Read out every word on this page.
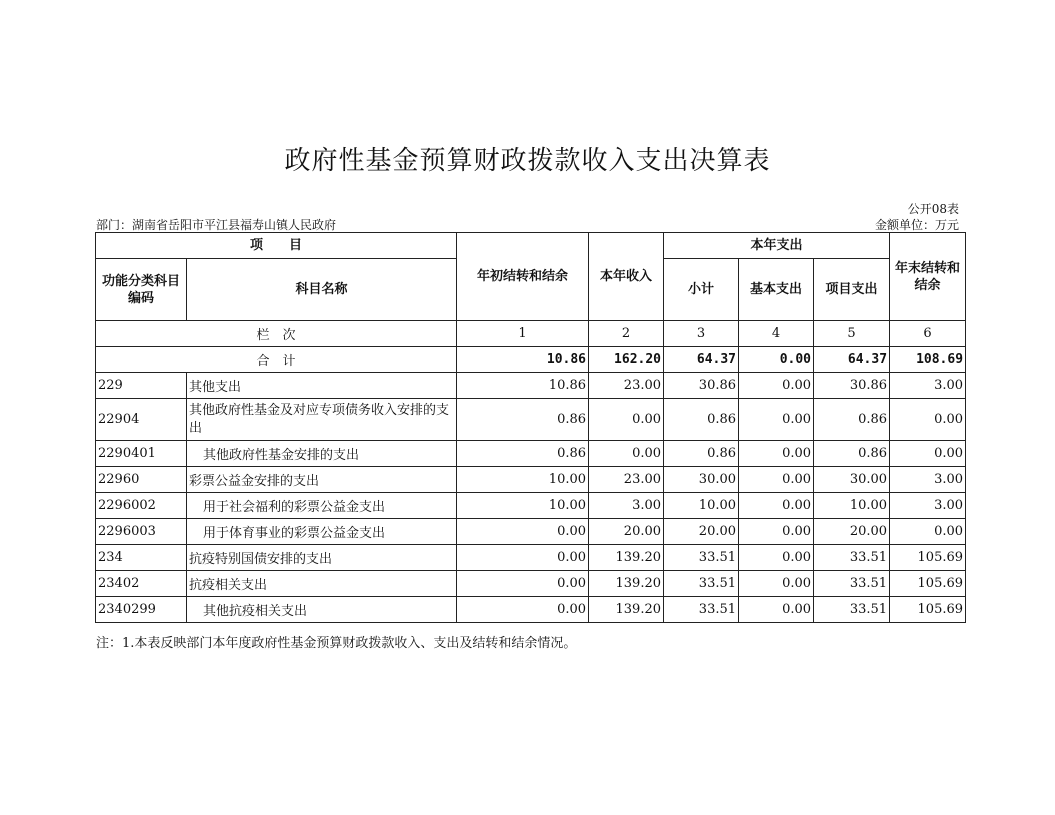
政府性基金预算财政拨款收入支出决算表
公开08表
部门：湖南省岳阳市平江县福寿山镇人民政府	金额单位：万元
项　　目		年初结转和结余	本年收入	本年支出			年末结转和结余
功能分类科目编码	科目名称			小计	基本支出	项目支出	
栏　次		1	2	3	4	5	6
合　计		10.86	162.20	64.37	0.00	64.37	108.69
229	其他支出	10.86	23.00	30.86	0.00	30.86	3.00
22904	其他政府性基金及对应专项债务收入安排的支出	0.86	0.00	0.86	0.00	0.86	0.00
2290401	其他政府性基金安排的支出	0.86	0.00	0.86	0.00	0.86	0.00
22960	彩票公益金安排的支出	10.00	23.00	30.00	0.00	30.00	3.00
2296002	用于社会福利的彩票公益金支出	10.00	3.00	10.00	0.00	10.00	3.00
2296003	用于体育事业的彩票公益金支出	0.00	20.00	20.00	0.00	20.00	0.00
234	抗疫特别国债安排的支出	0.00	139.20	33.51	0.00	33.51	105.69
23402	抗疫相关支出	0.00	139.20	33.51	0.00	33.51	105.69
2340299	其他抗疫相关支出	0.00	139.20	33.51	0.00	33.51	105.69
注：1.本表反映部门本年度政府性基金预算财政拨款收入、支出及结转和结余情况。
